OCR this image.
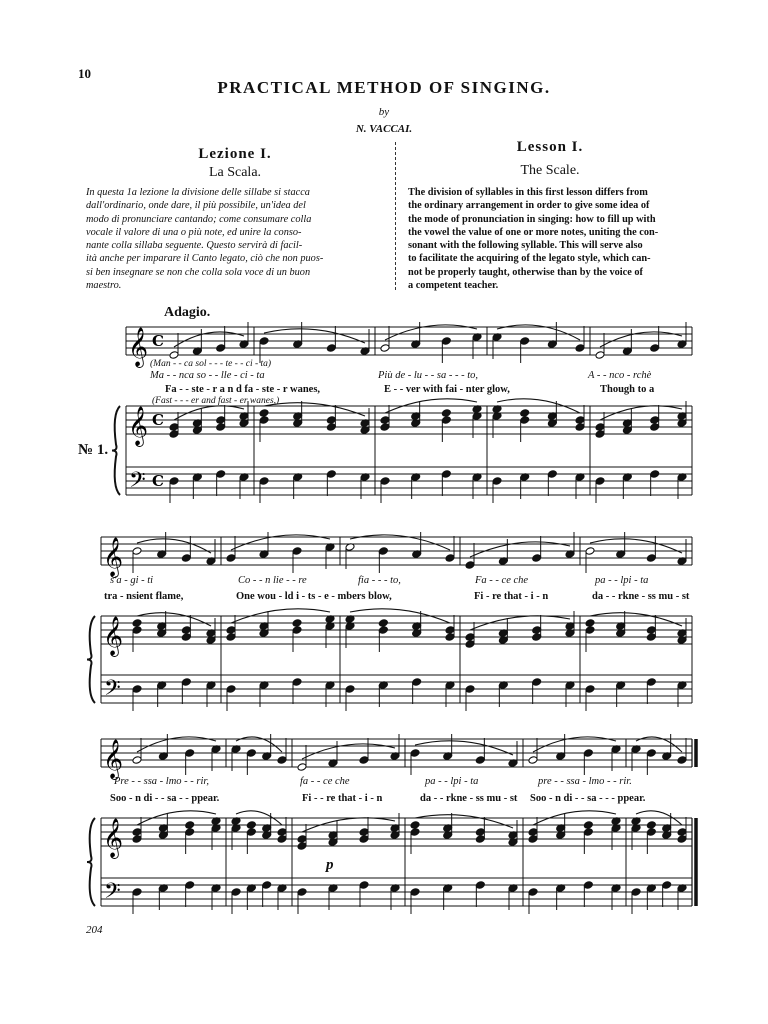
10
PRACTICAL METHOD OF SINGING.
by
N. VACCAI.
Lezione I.
La Scala.
Lesson I.
The Scale.
In questa 1a lezione la divisione delle sillabe si stacca
dall'ordinario, onde dare, il più possibile, un'idea del
modo di pronunciare cantando; come consumare colla
vocale il valore di una o più note, ed unire la conso-
nante colla sillaba seguente. Questo servirà di facil-
ità anche per imparare il Canto legato, ciò che non puos-
si ben insegnare se non che colla sola voce di un buon
maestro.
The division of syllables in this first lesson differs from
the ordinary arrangement in order to give some idea of
the mode of pronunciation in singing: how to fill up with
the vowel the value of one or more notes, uniting the con-
sonant with the following syllable. This will serve also
to facilitate the acquiring of the legato style, which can-
not be properly taught, otherwise than by the voice of
a competent teacher.
Adagio.
№ 1.
(Man - - ca sol - - - te - - ci - ta)
Ma - - nca so - - lle - ci - ta	Più de - lu - - sa - - - to,	A - - nco - rchè
Fa - - ste - r a n d fa - ste - r wanes,	E - - ver with fai - nter glow,	Though to a
(Fast - - - er and fast - er wanes,)
s'a - gi - ti	Co - - n lie - - re	fia - - - to,	Fa - - ce che	pa - - lpi - ta
tra - nsient flame,	One wou - ld i - ts - e - mbers blow,	Fi - re that - i - n	da - - rkne - ss mu - st
Pre - - ssa - lmo - - rir,	fa - - ce che	pa - - lpi - ta	pre - - ssa - lmo - - rir.
Soo - n di - - sa - - ppear.	Fi - - re that - i - n	da - - rkne - ss mu - st Soo - n di - - sa - - - ppear.
p
204
𝄞
𝄞
𝄢
C
C
C
𝄞
𝄞
𝄢
𝄞
𝄞
𝄢
